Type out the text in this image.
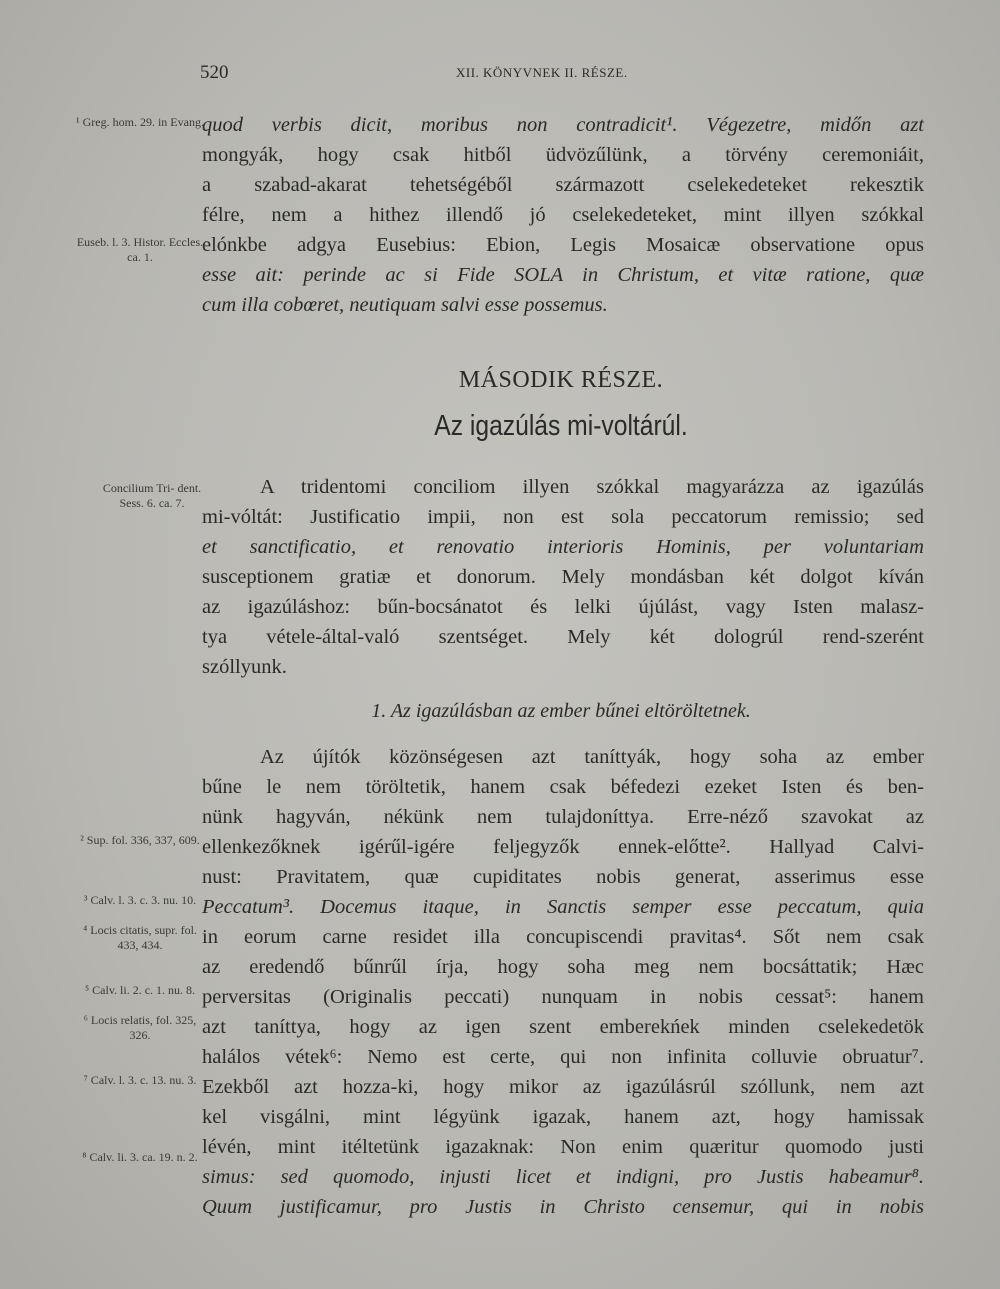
520	XII. KÖNYVNEK II. RÉSZE.
quod verbis dicit, moribus non contradicit¹. Végezetre, midőn azt
mongyák, hogy csak hitből üdvözűlünk, a törvény ceremoniáit,
a szabad-akarat tehetségéből származott cselekedeteket rekesztik
félre, nem a hithez illendő jó cselekedeteket, mint illyen szókkal
elónkbe adgya Eusebius: Ebion, Legis Mosaicæ observatione opus
esse ait: perinde ac si Fide SOLA in Christum, et vitæ ratione, quæ
cum illa cobœret, neutiquam salvi esse possemus.
MÁSODIK RÉSZE.
Az igazúlás mi-voltárúl.
A tridentomi conciliom illyen szókkal magyarázza az igazúlás
mi-vóltát: Justificatio impii, non est sola peccatorum remissio; sed
et sanctificatio, et renovatio interioris Hominis, per voluntariam
susceptionem gratiæ et donorum. Mely mondásban két dolgot kíván
az igazúláshoz: bűn-bocsánatot és lelki újúlást, vagy Isten malasz-
tya vétele-által-való szentséget. Mely két dologrúl rend-szerént
szóllyunk.
1. Az igazúlásban az ember bűnei eltöröltetnek.
Az újítók közönségesen azt taníttyák, hogy soha az ember
bűne le nem töröltetik, hanem csak béfedezi ezeket Isten és ben-
nünk hagyván, nékünk nem tulajdoníttya. Erre-néző szavokat az
ellenkezőknek igérűl-igére feljegyzők ennek-előtte². Hallyad Calvi-
nust: Pravitatem, quæ cupiditates nobis generat, asserimus esse
Peccatum³. Docemus itaque, in Sanctis semper esse peccatum, quia
in eorum carne residet illa concupiscendi pravitas⁴. Sőt nem csak
az eredendő bűnrűl írja, hogy soha meg nem bocsáttatik; Hæc
perversitas (Originalis peccati) nunquam in nobis cessat⁵: hanem
azt taníttya, hogy az igen szent emberekńek minden cselekedetök
halálos vétek⁶: Nemo est certe, qui non infinita colluvie obruatur⁷.
Ezekből azt hozza-ki, hogy mikor az igazúlásrúl szóllunk, nem azt
kel visgálni, mint légyünk igazak, hanem azt, hogy hamissak
lévén, mint itéltetünk igazaknak: Non enim quæritur quomodo justi
simus: sed quomodo, injusti licet et indigni, pro Justis habeamur⁸.
Quum justificamur, pro Justis in Christo censemur, qui in nobis
¹ Greg. hom. 29. in Evang.
Euseb. l. 3. Histor. Eccles. ca. 1.
Concilium Tri- dent. Sess. 6. ca. 7.
² Sup. fol. 336, 337, 609.
³ Calv. l. 3. c. 3. nu. 10.
⁴ Locis citatis, supr. fol. 433, 434.
⁵ Calv. li. 2. c. 1. nu. 8.
⁶ Locis relatis, fol. 325, 326.
⁷ Calv. l. 3. c. 13. nu. 3.
⁸ Calv. li. 3. ca. 19. n. 2.
